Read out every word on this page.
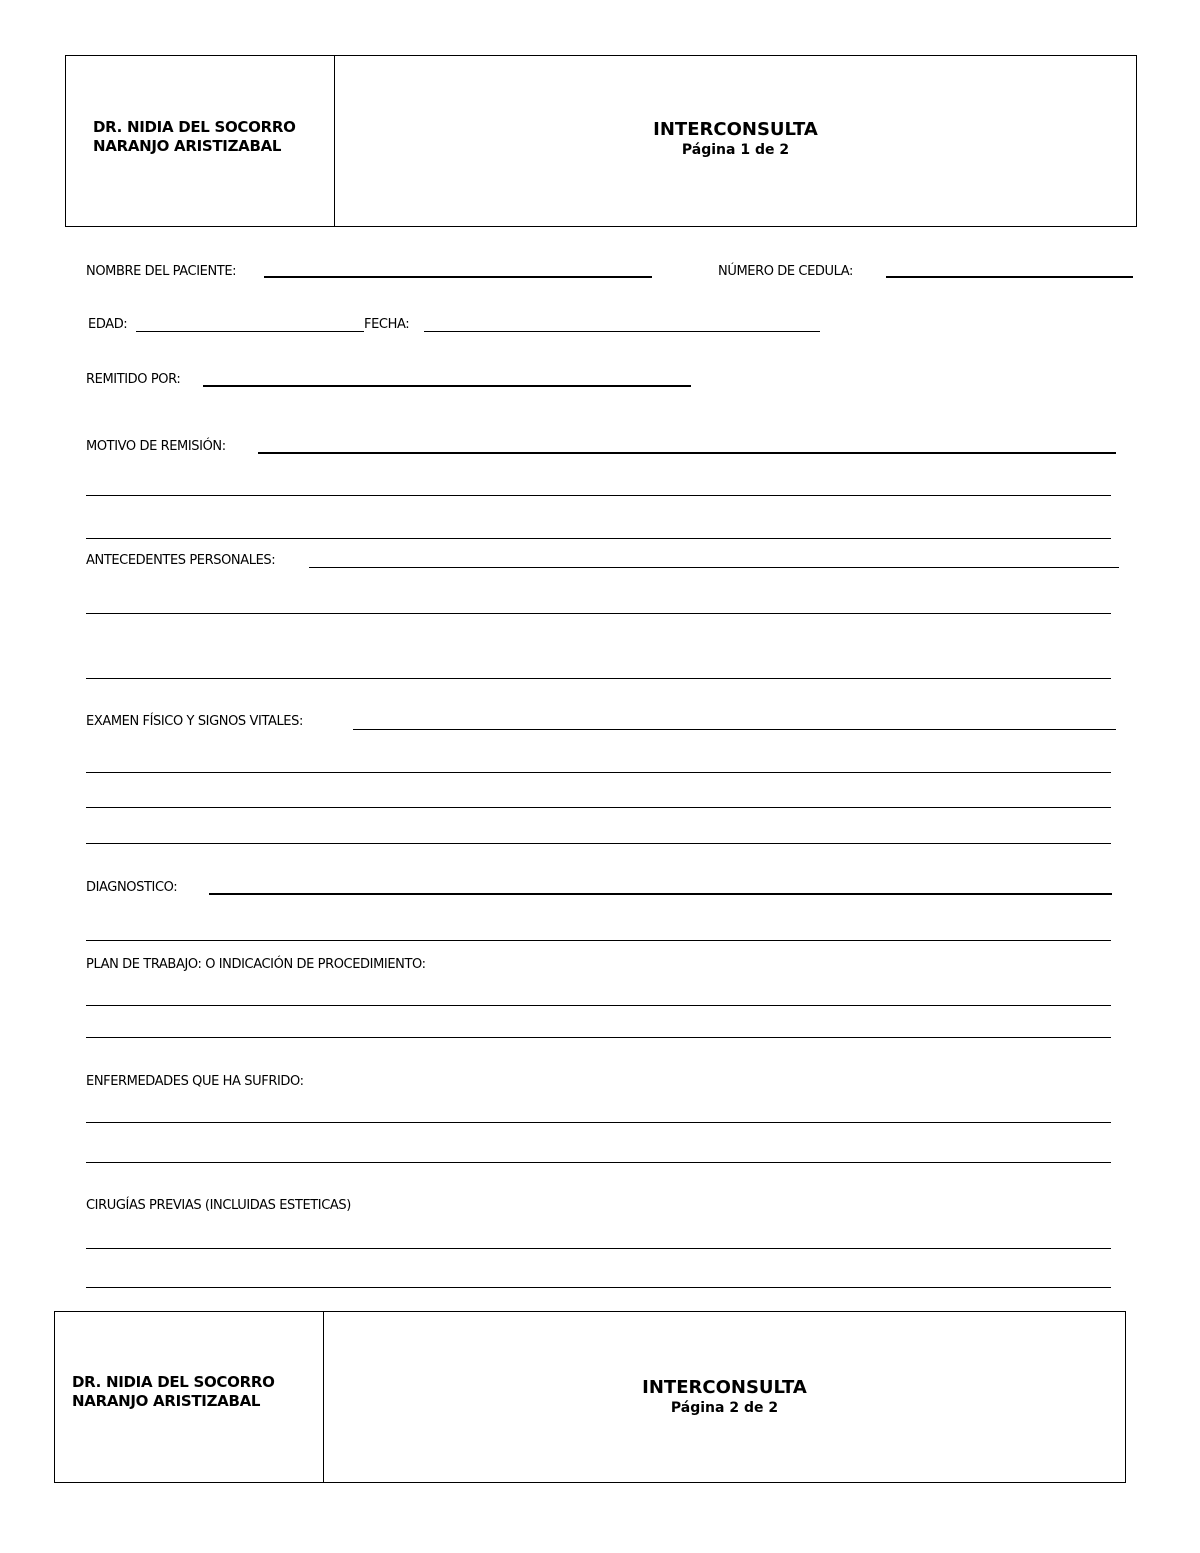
DR. NIDIA DEL SOCORRO
NARANJO ARISTIZABAL
INTERCONSULTA
Página 1 de 2
NOMBRE DEL PACIENTE:	NÚMERO DE CEDULA:
EDAD:	FECHA:
REMITIDO POR:
MOTIVO DE REMISIÓN:
ANTECEDENTES PERSONALES:
EXAMEN FÍSICO Y SIGNOS VITALES:
DIAGNOSTICO:
PLAN DE TRABAJO: O INDICACIÓN DE PROCEDIMIENTO:
ENFERMEDADES QUE HA SUFRIDO:
CIRUGÍAS PREVIAS (INCLUIDAS ESTETICAS)
DR. NIDIA DEL SOCORRO
NARANJO ARISTIZABAL
INTERCONSULTA
Página 2 de 2
